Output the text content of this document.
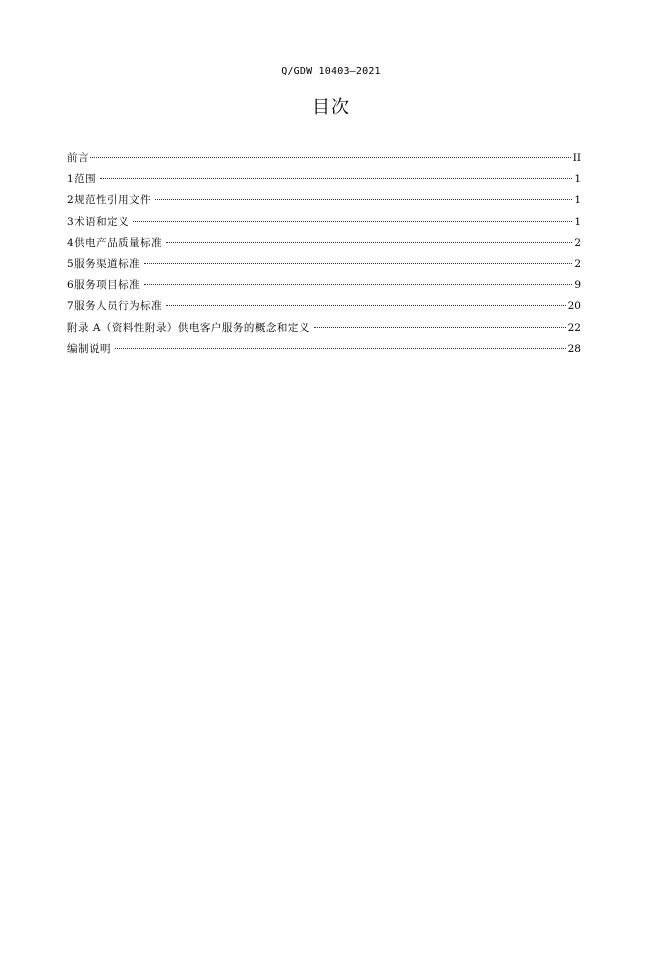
Q/GDW 10403—2021
目次
前言	II
1范围	1
2规范性引用文件	1
3术语和定义	1
4供电产品质量标准	2
5服务渠道标准	2
6服务项目标准	9
7服务人员行为标准	20
附录 A（资料性附录）供电客户服务的概念和定义	22
编制说明	28
